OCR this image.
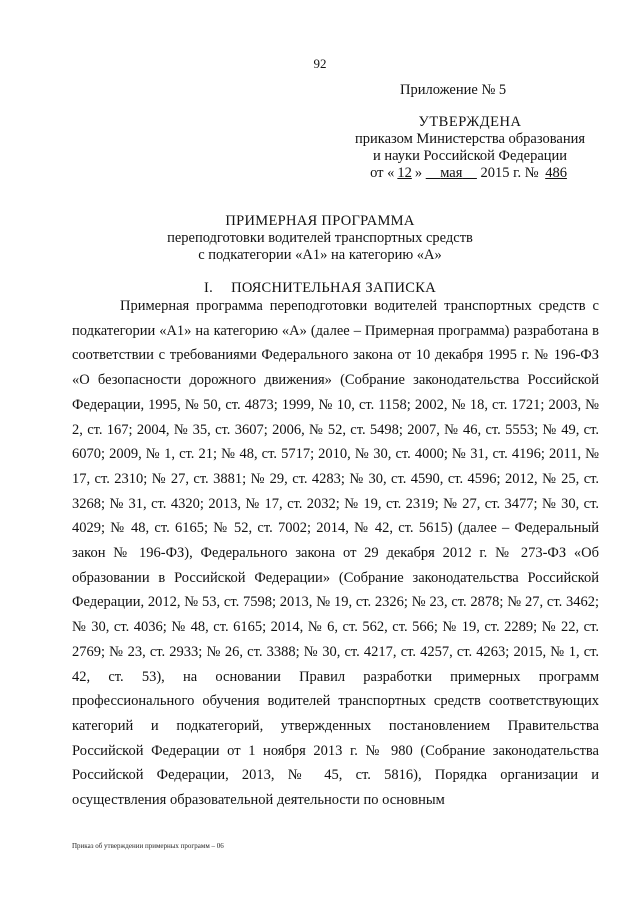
92
Приложение № 5
УТВЕРЖДЕНА
приказом Министерства образования
и науки Российской Федерации
от « 12 » мая 2015 г. № 486
ПРИМЕРНАЯ ПРОГРАММА
переподготовки водителей транспортных средств
с подкатегории «А1» на категорию «А»
I. ПОЯСНИТЕЛЬНАЯ ЗАПИСКА

Примерная программа переподготовки водителей транспортных средств с подкатегории «А1» на категорию «А» (далее – Примерная программа) разработана в соответствии с требованиями Федерального закона от 10 декабря 1995 г. № 196-ФЗ «О безопасности дорожного движения» (Собрание законодательства Российской Федерации, 1995, № 50, ст. 4873; 1999, № 10, ст. 1158; 2002, № 18, ст. 1721; 2003, № 2, ст. 167; 2004, № 35, ст. 3607; 2006, № 52, ст. 5498; 2007, № 46, ст. 5553; № 49, ст. 6070; 2009, № 1, ст. 21; № 48, ст. 5717; 2010, № 30, ст. 4000; № 31, ст. 4196; 2011, № 17, ст. 2310; № 27, ст. 3881; № 29, ст. 4283; № 30, ст. 4590, ст. 4596; 2012, № 25, ст. 3268; № 31, ст. 4320; 2013, № 17, ст. 2032; № 19, ст. 2319; № 27, ст. 3477; № 30, ст. 4029; № 48, ст. 6165; № 52, ст. 7002; 2014, № 42, ст. 5615) (далее – Федеральный закон № 196-ФЗ), Федерального закона от 29 декабря 2012 г. № 273-ФЗ «Об образовании в Российской Федерации» (Собрание законодательства Российской Федерации, 2012, № 53, ст. 7598; 2013, № 19, ст. 2326; № 23, ст. 2878; № 27, ст. 3462; № 30, ст. 4036; № 48, ст. 6165; 2014, № 6, ст. 562, ст. 566; № 19, ст. 2289; № 22, ст. 2769; № 23, ст. 2933; № 26, ст. 3388; № 30, ст. 4217, ст. 4257, ст. 4263; 2015, № 1, ст. 42, ст. 53), на основании Правил разработки примерных программ профессионального обучения водителей транспортных средств соответствующих категорий и подкатегорий, утвержденных постановлением Правительства Российской Федерации от 1 ноября 2013 г. № 980 (Собрание законодательства Российской Федерации, 2013, № 45, ст. 5816), Порядка организации и осуществления образовательной деятельности по основным

Приказ об утверждении примерных программ – 06
